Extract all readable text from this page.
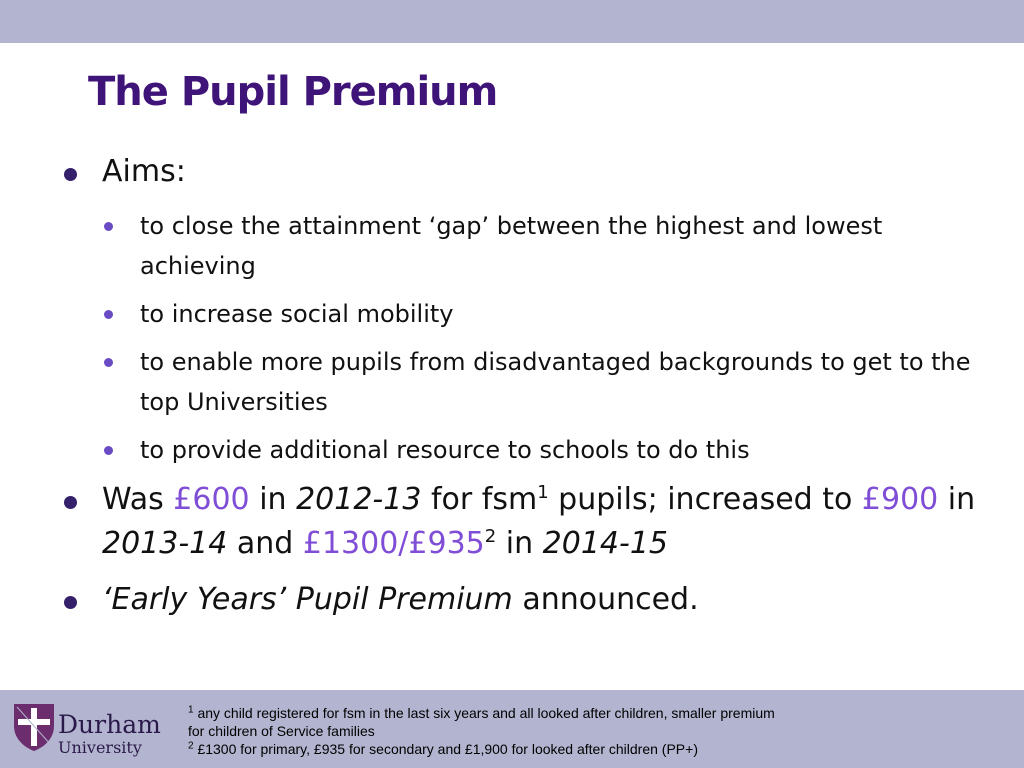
The Pupil Premium
Aims:
to close the attainment ‘gap’ between the highest and lowest achieving
to increase social mobility
to enable more pupils from disadvantaged backgrounds to get to the top Universities
to provide additional resource to schools to do this
Was £600 in 2012-13 for fsm$^1$ pupils; increased to £900 in 2013-14 and $£1300/£935^2$ in 2014-15
‘Early Years’ Pupil Premium announced.
Durham
University

$^1$ any child registered for fsm in the last six years and all looked after children, smaller premium

for children of Service families

$^2$ £1300 for primary, £935 for secondary and £1,900 for looked after children (PP+)
